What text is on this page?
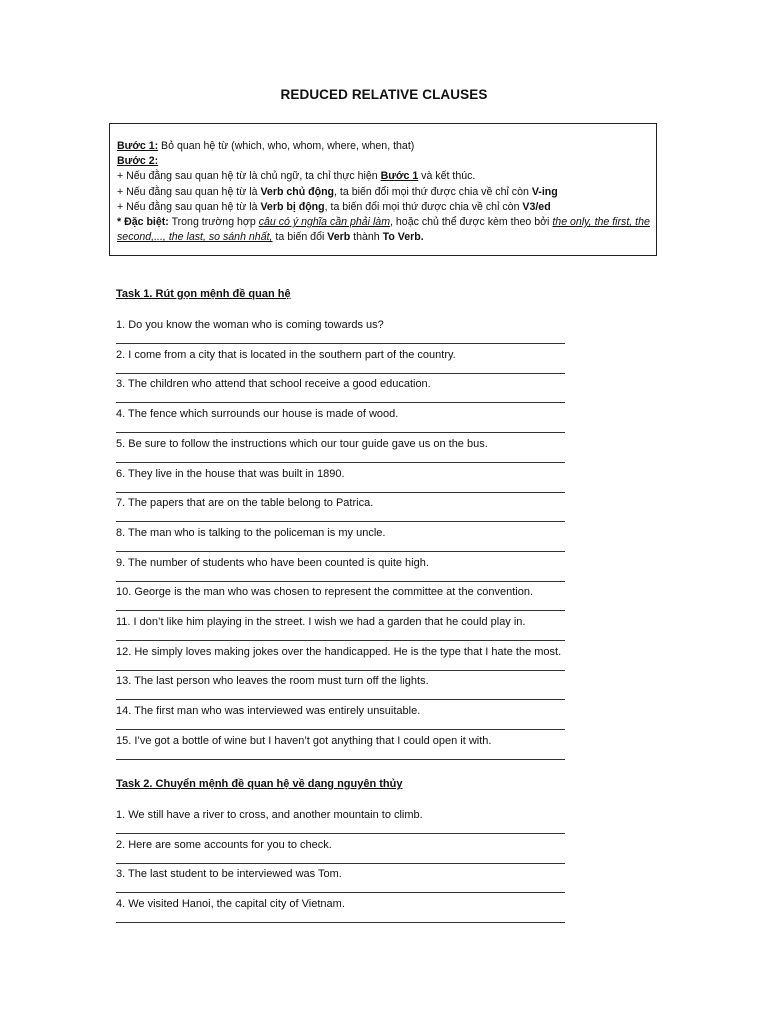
REDUCED RELATIVE CLAUSES
Bước 1: Bỏ quan hệ từ (which, who, whom, where, when, that)
Bước 2:
+ Nếu đằng sau quan hệ từ là chủ ngữ, ta chỉ thực hiện Bước 1 và kết thúc.
+ Nếu đằng sau quan hệ từ là Verb chủ động, ta biến đổi mọi thứ được chia về chỉ còn V-ing
+ Nếu đằng sau quan hệ từ là Verb bị động, ta biến đổi mọi thứ được chia về chỉ còn V3/ed
* Đặc biệt: Trong trường hợp câu có ý nghĩa cần phải làm, hoặc chủ thể được kèm theo bởi the only, the first, the second,..., the last, so sánh nhất, ta biến đổi Verb thành To Verb.
Task 1. Rút gọn mệnh đề quan hệ
1. Do you know the woman who is coming towards us?
2. I come from a city that is located in the southern part of the country.
3. The children who attend that school receive a good education.
4. The fence which surrounds our house is made of wood.
5. Be sure to follow the instructions which our tour guide gave us on the bus.
6. They live in the house that was built in 1890.
7. The papers that are on the table belong to Patrica.
8. The man who is talking to the policeman is my uncle.
9. The number of students who have been counted is quite high.
10. George is the man who was chosen to represent the committee at the convention.
11. I don’t like him playing in the street. I wish we had a garden that he could play in.
12. He simply loves making jokes over the handicapped. He is the type that I hate the most.
13. The last person who leaves the room must turn off the lights.
14. The first man who was interviewed was entirely unsuitable.
15. I’ve got a bottle of wine but I haven’t got anything that I could open it with.
Task 2. Chuyển mệnh đề quan hệ về dạng nguyên thủy
1. We still have a river to cross, and another mountain to climb.
2. Here are some accounts for you to check.
3. The last student to be interviewed was Tom.
4. We visited Hanoi, the capital city of Vietnam.
